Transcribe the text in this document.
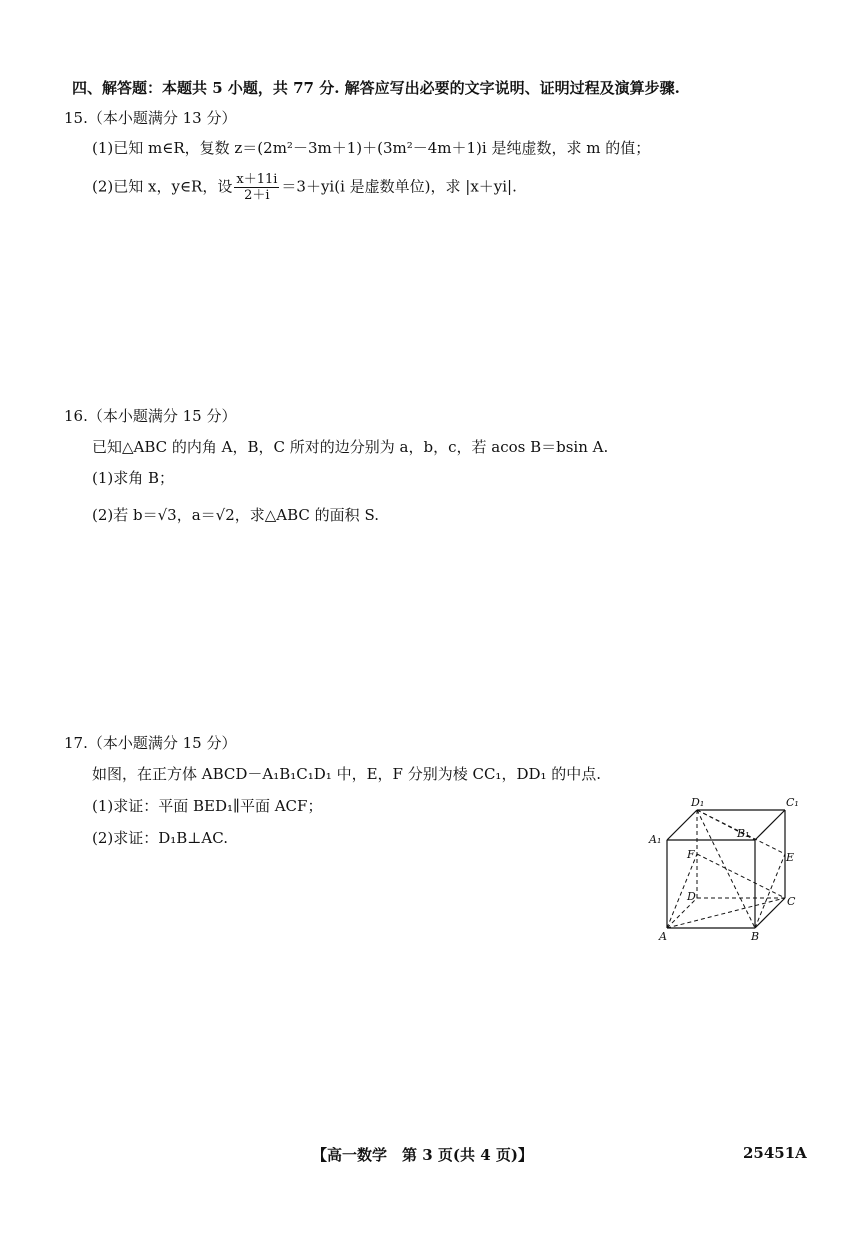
四、解答题：本题共 5 小题，共 77 分. 解答应写出必要的文字说明、证明过程及演算步骤.
15.（本小题满分 13 分）
(1)已知 m∈R，复数 z＝(2m²－3m＋1)＋(3m²－4m＋1)i 是纯虚数，求 m 的值；
(2)已知 x，y∈R，设 $\frac{x+11i}{2+i} =3+yi(i$ 是虚数单位)，求 |x＋yi|.
16.（本小题满分 15 分）
已知△ABC 的内角 A，B，C 所对的边分别为 a，b，c，若 acos B＝bsin A.
(1)求角 B；
(2)若 b＝√3，a＝√2，求△ABC 的面积 S.
17.（本小题满分 15 分）
如图，在正方体 ABCD－A₁B₁C₁D₁ 中，E，F 分别为棱 CC₁，DD₁ 的中点.
(1)求证：平面 BED₁∥平面 ACF；
(2)求证：D₁B⊥AC.
D₁	C₁
A₁	B₁
F	E
D	C
A	B
【高一数学　第 3 页(共 4 页)】	25451A
